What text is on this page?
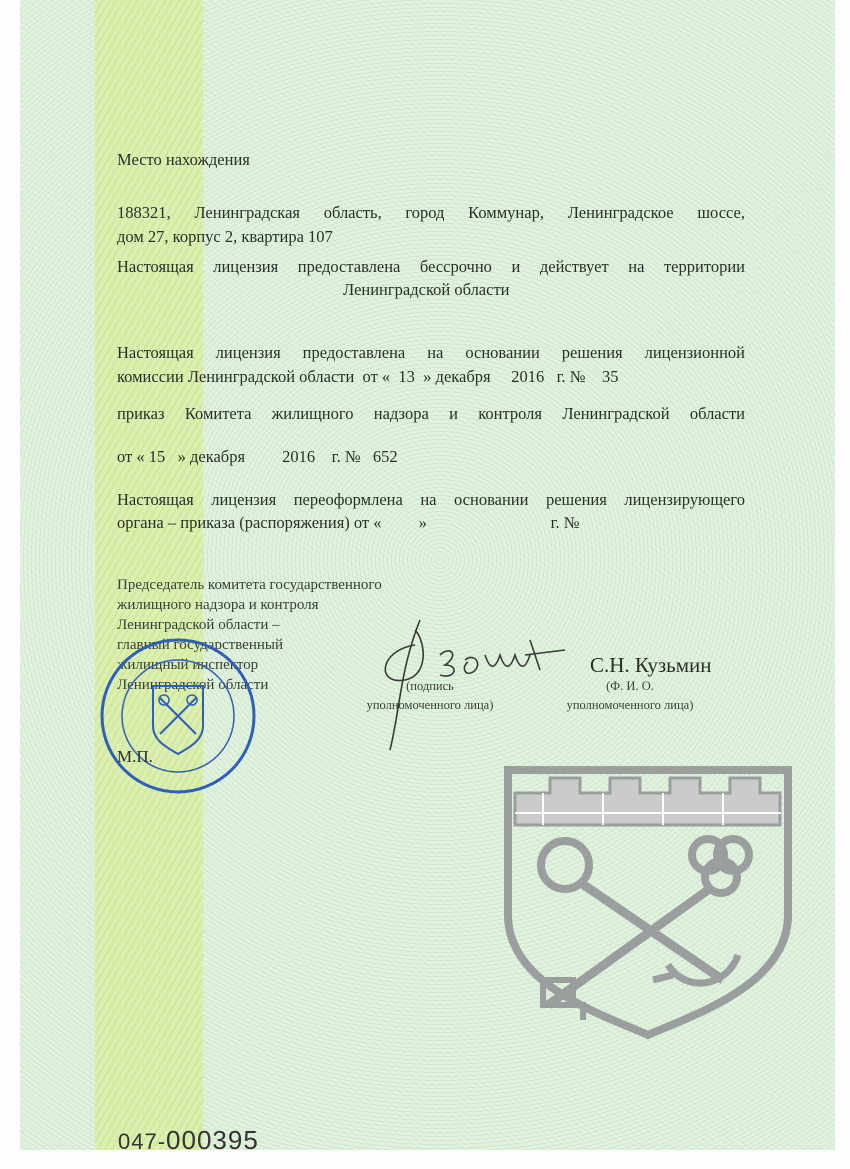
Место нахождения
188321, Ленинградская область, город Коммунар, Ленинградское шоссе,
дом 27, корпус 2, квартира 107
Настоящая лицензия предоставлена бессрочно и действует на территории
Ленинградской области
Настоящая лицензия предоставлена на основании решения лицензионной
комиссии Ленинградской области  от «  13  » декабря     2016   г. №    35
приказ Комитета жилищного надзора и контроля Ленинградской области
от « 15   » декабря         2016    г. №   652
Настоящая лицензия переоформлена на основании решения лицензирующего
органа – приказа (распоряжения) от «         »                              г. №
Председатель комитета государственного
жилищного надзора и контроля
Ленинградской области –
главный государственный
жилищный инспектор
Ленинградской области
С.Н. Кузьмин
(подпись
уполномоченного лица)
(Ф. И. О.
уполномоченного лица)
М.П.
047-000395
